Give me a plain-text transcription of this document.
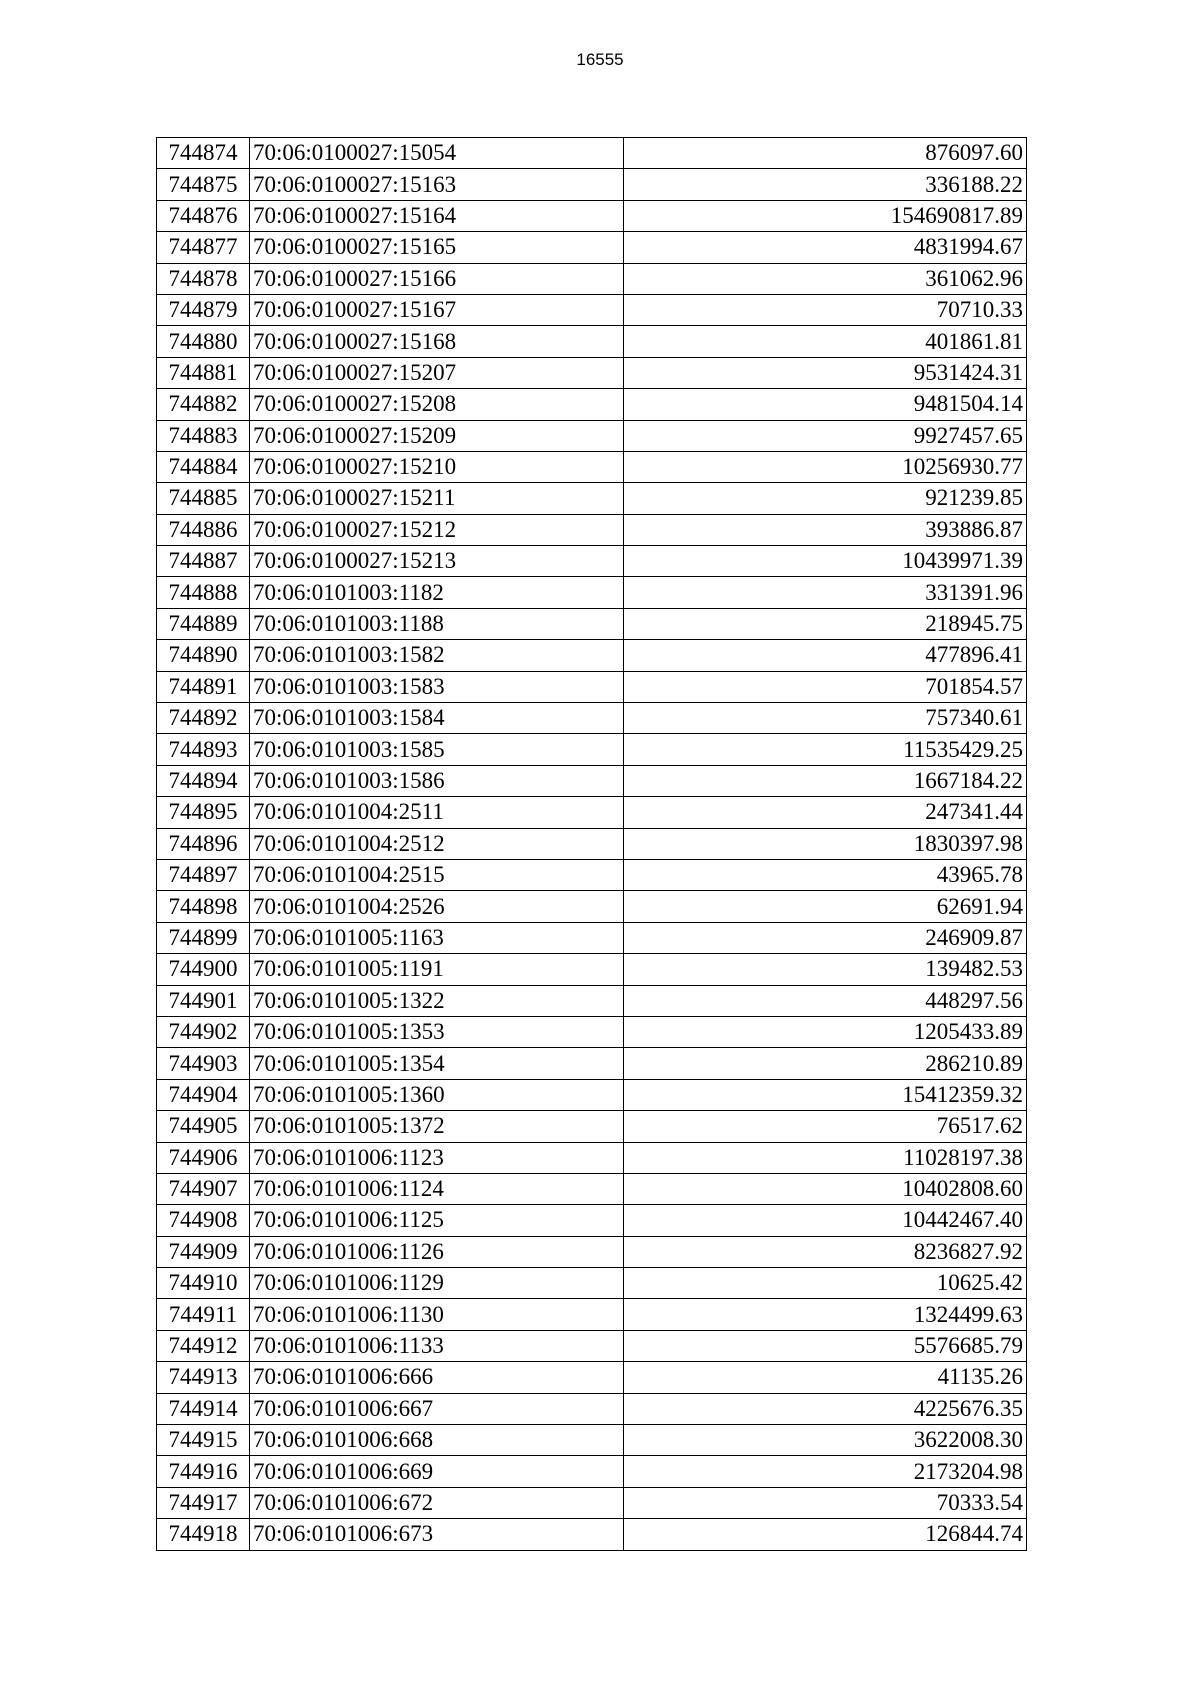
16555
744874	70:06:0100027:15054	876097.60
744875	70:06:0100027:15163	336188.22
744876	70:06:0100027:15164	154690817.89
744877	70:06:0100027:15165	4831994.67
744878	70:06:0100027:15166	361062.96
744879	70:06:0100027:15167	70710.33
744880	70:06:0100027:15168	401861.81
744881	70:06:0100027:15207	9531424.31
744882	70:06:0100027:15208	9481504.14
744883	70:06:0100027:15209	9927457.65
744884	70:06:0100027:15210	10256930.77
744885	70:06:0100027:15211	921239.85
744886	70:06:0100027:15212	393886.87
744887	70:06:0100027:15213	10439971.39
744888	70:06:0101003:1182	331391.96
744889	70:06:0101003:1188	218945.75
744890	70:06:0101003:1582	477896.41
744891	70:06:0101003:1583	701854.57
744892	70:06:0101003:1584	757340.61
744893	70:06:0101003:1585	11535429.25
744894	70:06:0101003:1586	1667184.22
744895	70:06:0101004:2511	247341.44
744896	70:06:0101004:2512	1830397.98
744897	70:06:0101004:2515	43965.78
744898	70:06:0101004:2526	62691.94
744899	70:06:0101005:1163	246909.87
744900	70:06:0101005:1191	139482.53
744901	70:06:0101005:1322	448297.56
744902	70:06:0101005:1353	1205433.89
744903	70:06:0101005:1354	286210.89
744904	70:06:0101005:1360	15412359.32
744905	70:06:0101005:1372	76517.62
744906	70:06:0101006:1123	11028197.38
744907	70:06:0101006:1124	10402808.60
744908	70:06:0101006:1125	10442467.40
744909	70:06:0101006:1126	8236827.92
744910	70:06:0101006:1129	10625.42
744911	70:06:0101006:1130	1324499.63
744912	70:06:0101006:1133	5576685.79
744913	70:06:0101006:666	41135.26
744914	70:06:0101006:667	4225676.35
744915	70:06:0101006:668	3622008.30
744916	70:06:0101006:669	2173204.98
744917	70:06:0101006:672	70333.54
744918	70:06:0101006:673	126844.74
